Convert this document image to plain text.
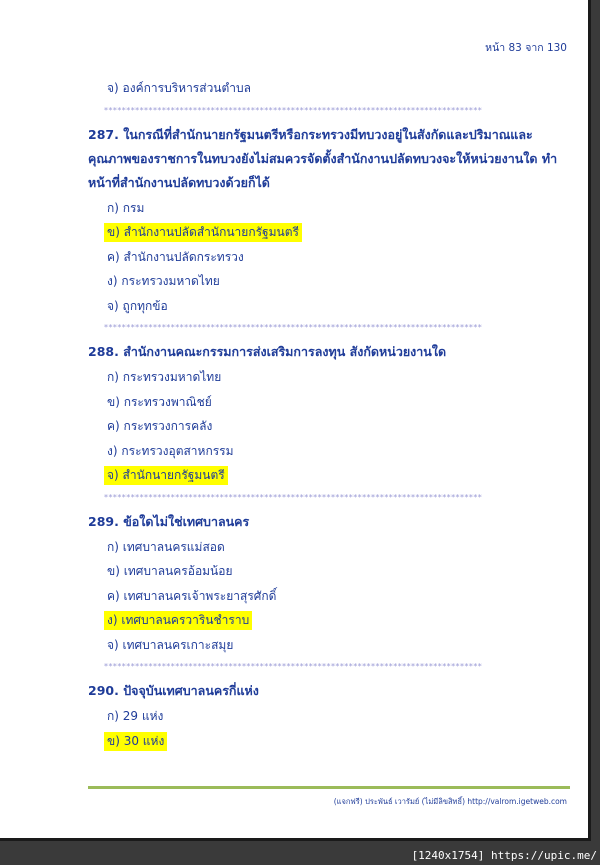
หน้า 83 จาก 130
จ) องค์การบริหารส่วนตำบล
*************************************************************************************
287. ในกรณีที่สำนักนายกรัฐมนตรีหรือกระทรวงมีทบวงอยู่ในสังกัดและปริมาณและคุณภาพของราชการในทบวงยังไม่สมควรจัดตั้งสำนักงานปลัดทบวงจะให้หน่วยงานใด ทำหน้าที่สำนักงานปลัดทบวงด้วยก็ได้
ก) กรม
ข) สำนักงานปลัดสำนักนายกรัฐมนตรี
ค) สำนักงานปลัดกระทรวง
ง) กระทรวงมหาดไทย
จ) ถูกทุกข้อ
*************************************************************************************
288. สำนักงานคณะกรรมการส่งเสริมการลงทุน สังกัดหน่วยงานใด
ก) กระทรวงมหาดไทย
ข) กระทรวงพาณิชย์
ค) กระทรวงการคลัง
ง) กระทรวงอุตสาหกรรม
จ) สำนักนายกรัฐมนตรี
*************************************************************************************
289. ข้อใดไม่ใช่เทศบาลนคร
ก) เทศบาลนครแม่สอด
ข) เทศบาลนครอ้อมน้อย
ค) เทศบาลนครเจ้าพระยาสุรศักดิ์
ง) เทศบาลนครวารินชำราบ
จ) เทศบาลนครเกาะสมุย
*************************************************************************************
290. ปัจจุบันเทศบาลนครกี่แห่ง
ก) 29 แห่ง
ข) 30 แห่ง
(แจกฟรี) ประพันธ์ เวารัมย์ (ไม่มีลิขสิทธิ์) http://valrom.igetweb.com
[1240x1754] https://upic.me/
